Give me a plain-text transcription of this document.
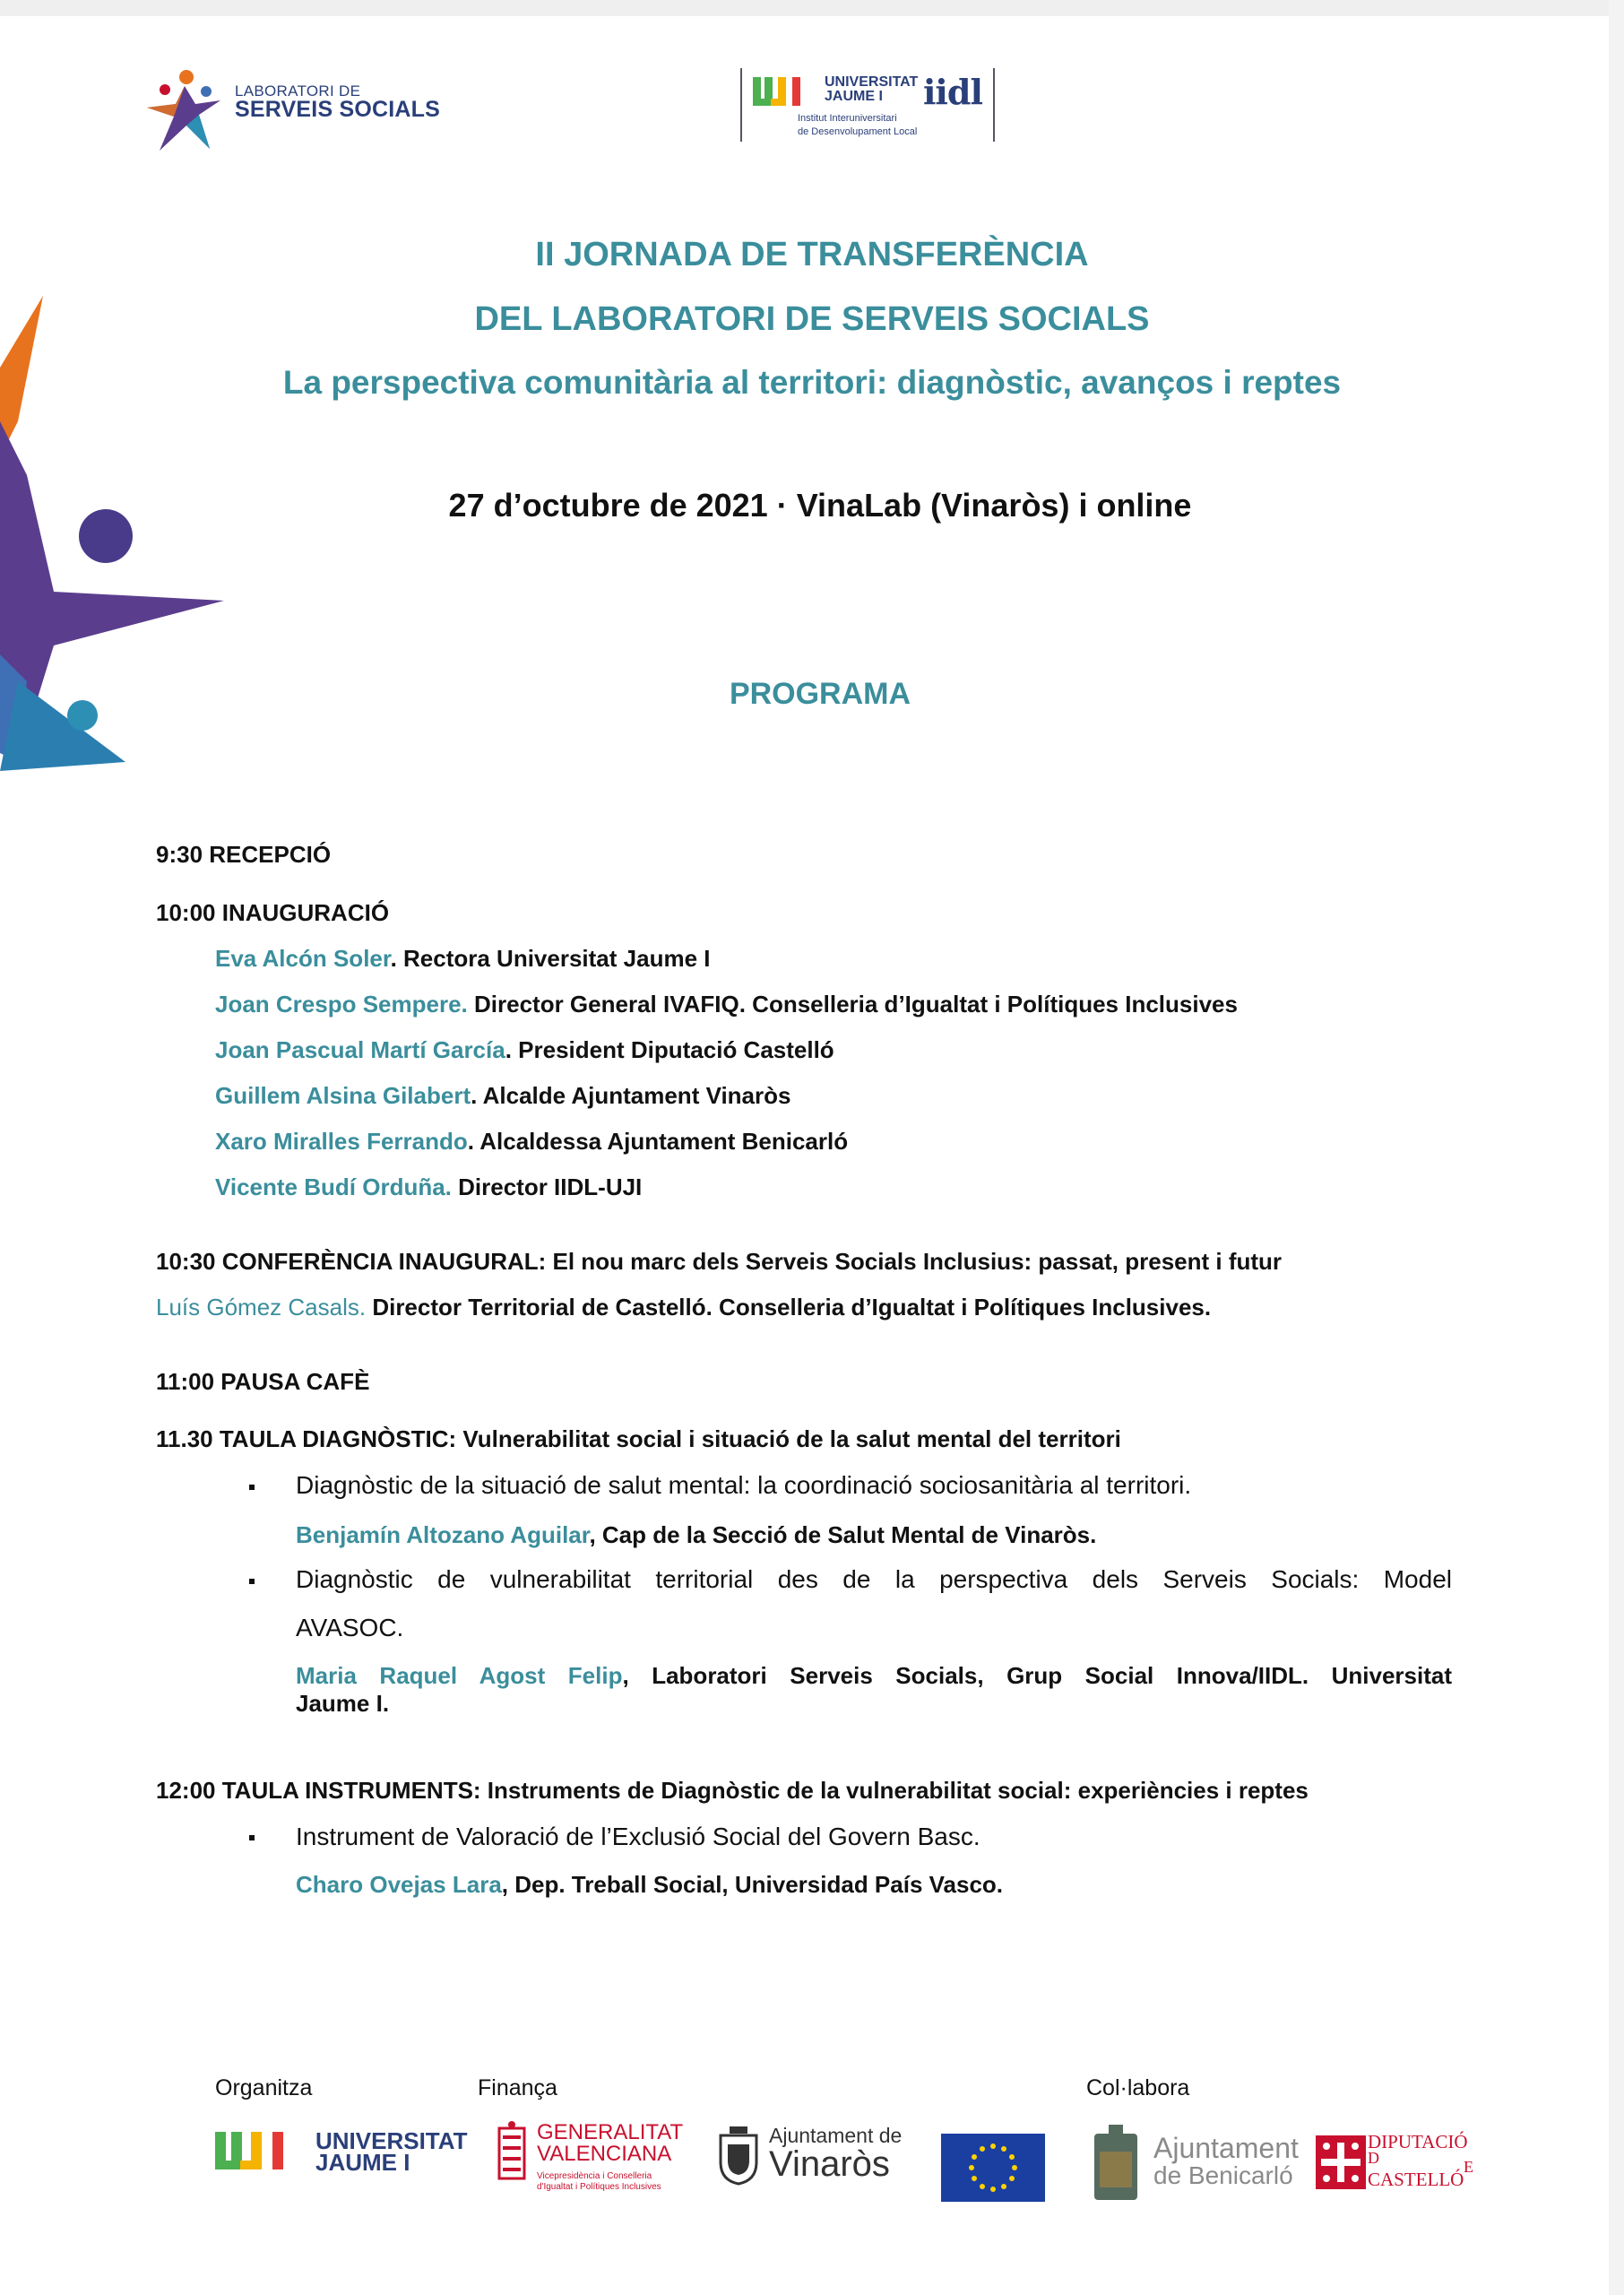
LABORATORI DE
SERVEIS SOCIALS
UNIVERSITAT
JAUME I
Institut Interuniversitari
de Desenvolupament Local
iidl
II JORNADA DE TRANSFERÈNCIA
DEL LABORATORI DE SERVEIS SOCIALS
La perspectiva comunitària al territori: diagnòstic, avanços i reptes
27 d’octubre de 2021 · VinaLab (Vinaròs) i online
PROGRAMA
9:30 RECEPCIÓ
10:00 INAUGURACIÓ
Eva Alcón Soler. Rectora Universitat Jaume I
Joan Crespo Sempere. Director General IVAFIQ. Conselleria d’Igualtat i Polítiques Inclusives
Joan Pascual Martí García. President Diputació Castelló
Guillem Alsina Gilabert. Alcalde Ajuntament Vinaròs
Xaro Miralles Ferrando. Alcaldessa Ajuntament Benicarló
Vicente Budí Orduña. Director IIDL-UJI
10:30 CONFERÈNCIA INAUGURAL: El nou marc dels Serveis Socials Inclusius: passat, present i futur
Luís Gómez Casals. Director Territorial de Castelló. Conselleria d’Igualtat i Polítiques Inclusives.
11:00 PAUSA CAFÈ
11.30 TAULA DIAGNÒSTIC: Vulnerabilitat social i situació de la salut mental del territori
Diagnòstic de la situació de salut mental: la coordinació sociosanitària al territori.
Benjamín Altozano Aguilar, Cap de la Secció de Salut Mental de Vinaròs.
Diagnòstic de vulnerabilitat territorial des de la perspectiva dels Serveis Socials: Model
AVASOC.
Maria Raquel Agost Felip, Laboratori Serveis Socials, Grup Social Innova/IIDL. Universitat
Jaume I.
12:00 TAULA INSTRUMENTS: Instruments de Diagnòstic de la vulnerabilitat social: experiències i reptes
Instrument de Valoració de l’Exclusió Social del Govern Basc.
Charo Ovejas Lara, Dep. Treball Social, Universidad País Vasco.
Organitza	Finança	Col·labora
UNIVERSITAT
JAUME I
GENERALITAT
VALENCIANA
Vicepresidència i Conselleria
d'Igualtat i Polítiques Inclusives
Ajuntament de
Vinaròs	Ajuntament
de Benicarló
DIPUTACIÓ
D	E
CASTELLÓ
